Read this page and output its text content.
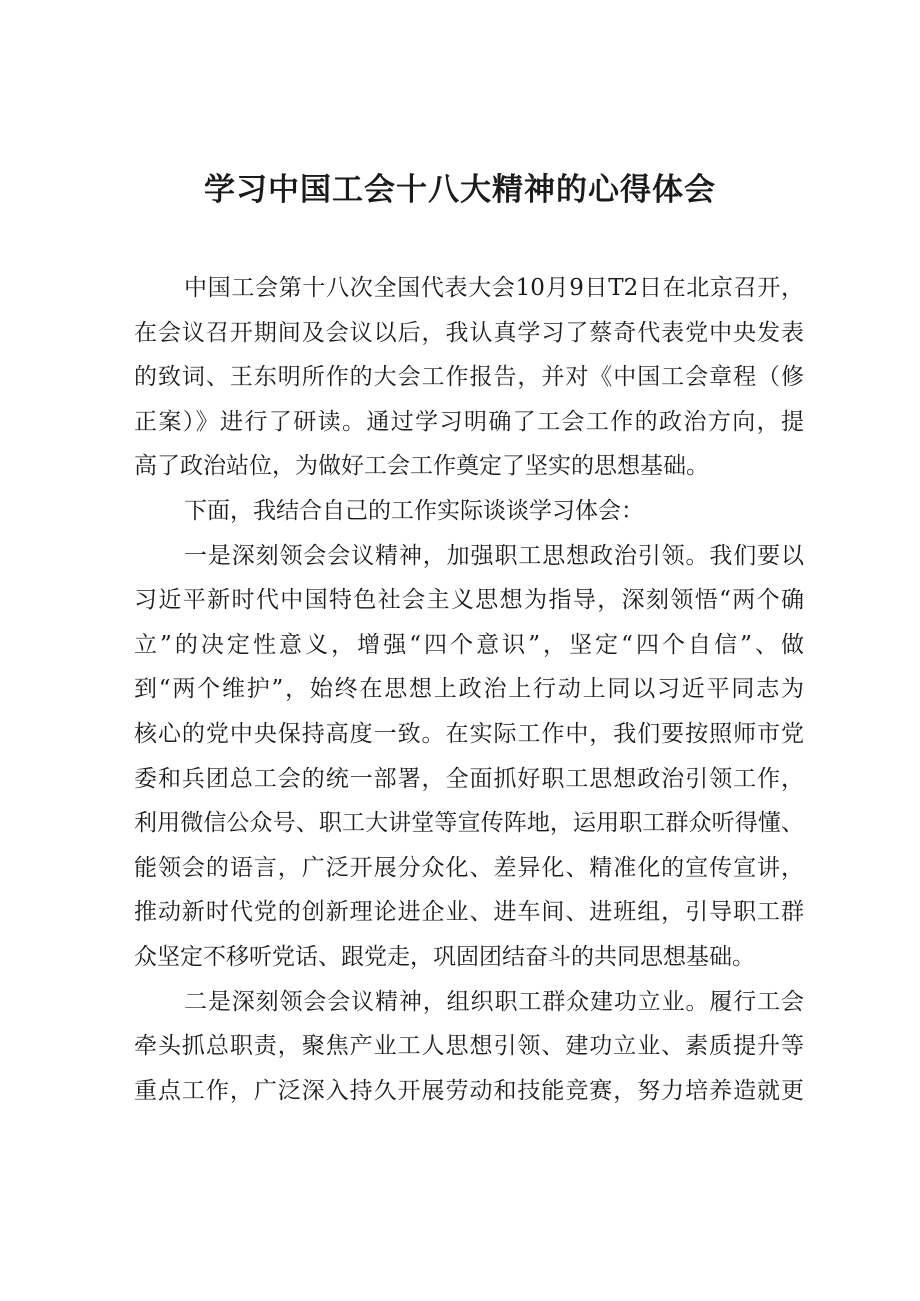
学习中国工会十八大精神的心得体会
中国工会第十八次全国代表大会10月9日T2日在北京召开，
在会议召开期间及会议以后，我认真学习了蔡奇代表党中央发表
的致词、王东明所作的大会工作报告，并对《中国工会章程（修
正案）》进行了研读。通过学习明确了工会工作的政治方向，提
高了政治站位，为做好工会工作奠定了坚实的思想基础。
下面，我结合自己的工作实际谈谈学习体会：
一是深刻领会会议精神，加强职工思想政治引领。我们要以
习近平新时代中国特色社会主义思想为指导，深刻领悟“两个确
立”的决定性意义，增强“四个意识”，坚定“四个自信”、做
到“两个维护”，始终在思想上政治上行动上同以习近平同志为
核心的党中央保持高度一致。在实际工作中，我们要按照师市党
委和兵团总工会的统一部署，全面抓好职工思想政治引领工作，
利用微信公众号、职工大讲堂等宣传阵地，运用职工群众听得懂、
能领会的语言，广泛开展分众化、差异化、精准化的宣传宣讲，
推动新时代党的创新理论进企业、进车间、进班组，引导职工群
众坚定不移听党话、跟党走，巩固团结奋斗的共同思想基础。
二是深刻领会会议精神，组织职工群众建功立业。履行工会
牵头抓总职责，聚焦产业工人思想引领、建功立业、素质提升等
重点工作，广泛深入持久开展劳动和技能竞赛，努力培养造就更
